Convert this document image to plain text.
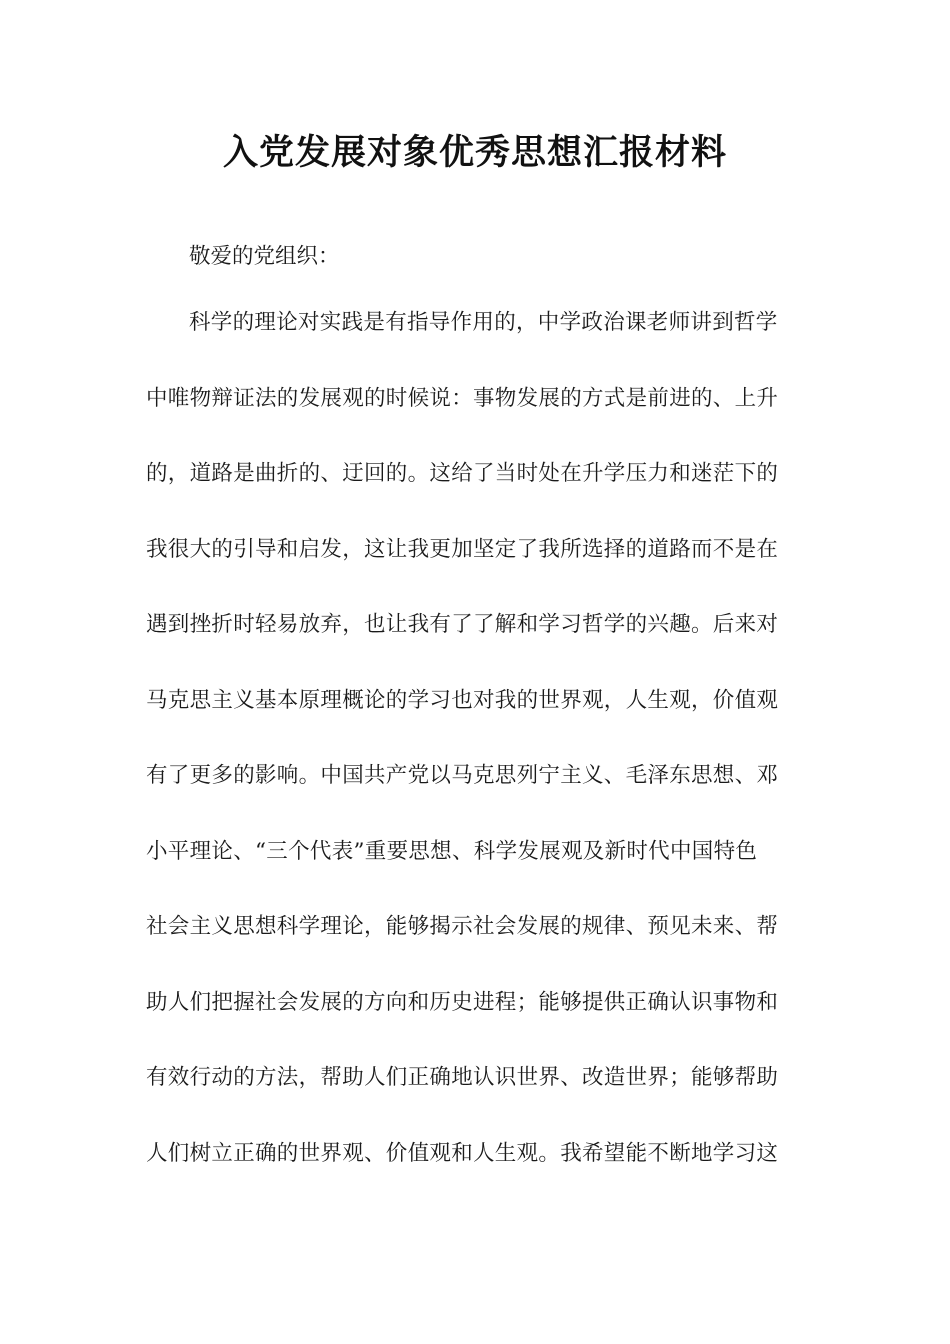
入党发展对象优秀思想汇报材料

敬爱的党组织：

科学的理论对实践是有指导作用的，中学政治课老师讲到哲学
中唯物辩证法的发展观的时候说：事物发展的方式是前进的、上升
的，道路是曲折的、迂回的。这给了当时处在升学压力和迷茫下的
我很大的引导和启发，这让我更加坚定了我所选择的道路而不是在
遇到挫折时轻易放弃，也让我有了了解和学习哲学的兴趣。后来对
马克思主义基本原理概论的学习也对我的世界观，人生观，价值观
有了更多的影响。中国共产党以马克思列宁主义、毛泽东思想、邓
小平理论、“三个代表”重要思想、科学发展观及新时代中国特色
社会主义思想科学理论，能够揭示社会发展的规律、预见未来、帮
助人们把握社会发展的方向和历史进程；能够提供正确认识事物和
有效行动的方法，帮助人们正确地认识世界、改造世界；能够帮助
人们树立正确的世界观、价值观和人生观。我希望能不断地学习这
